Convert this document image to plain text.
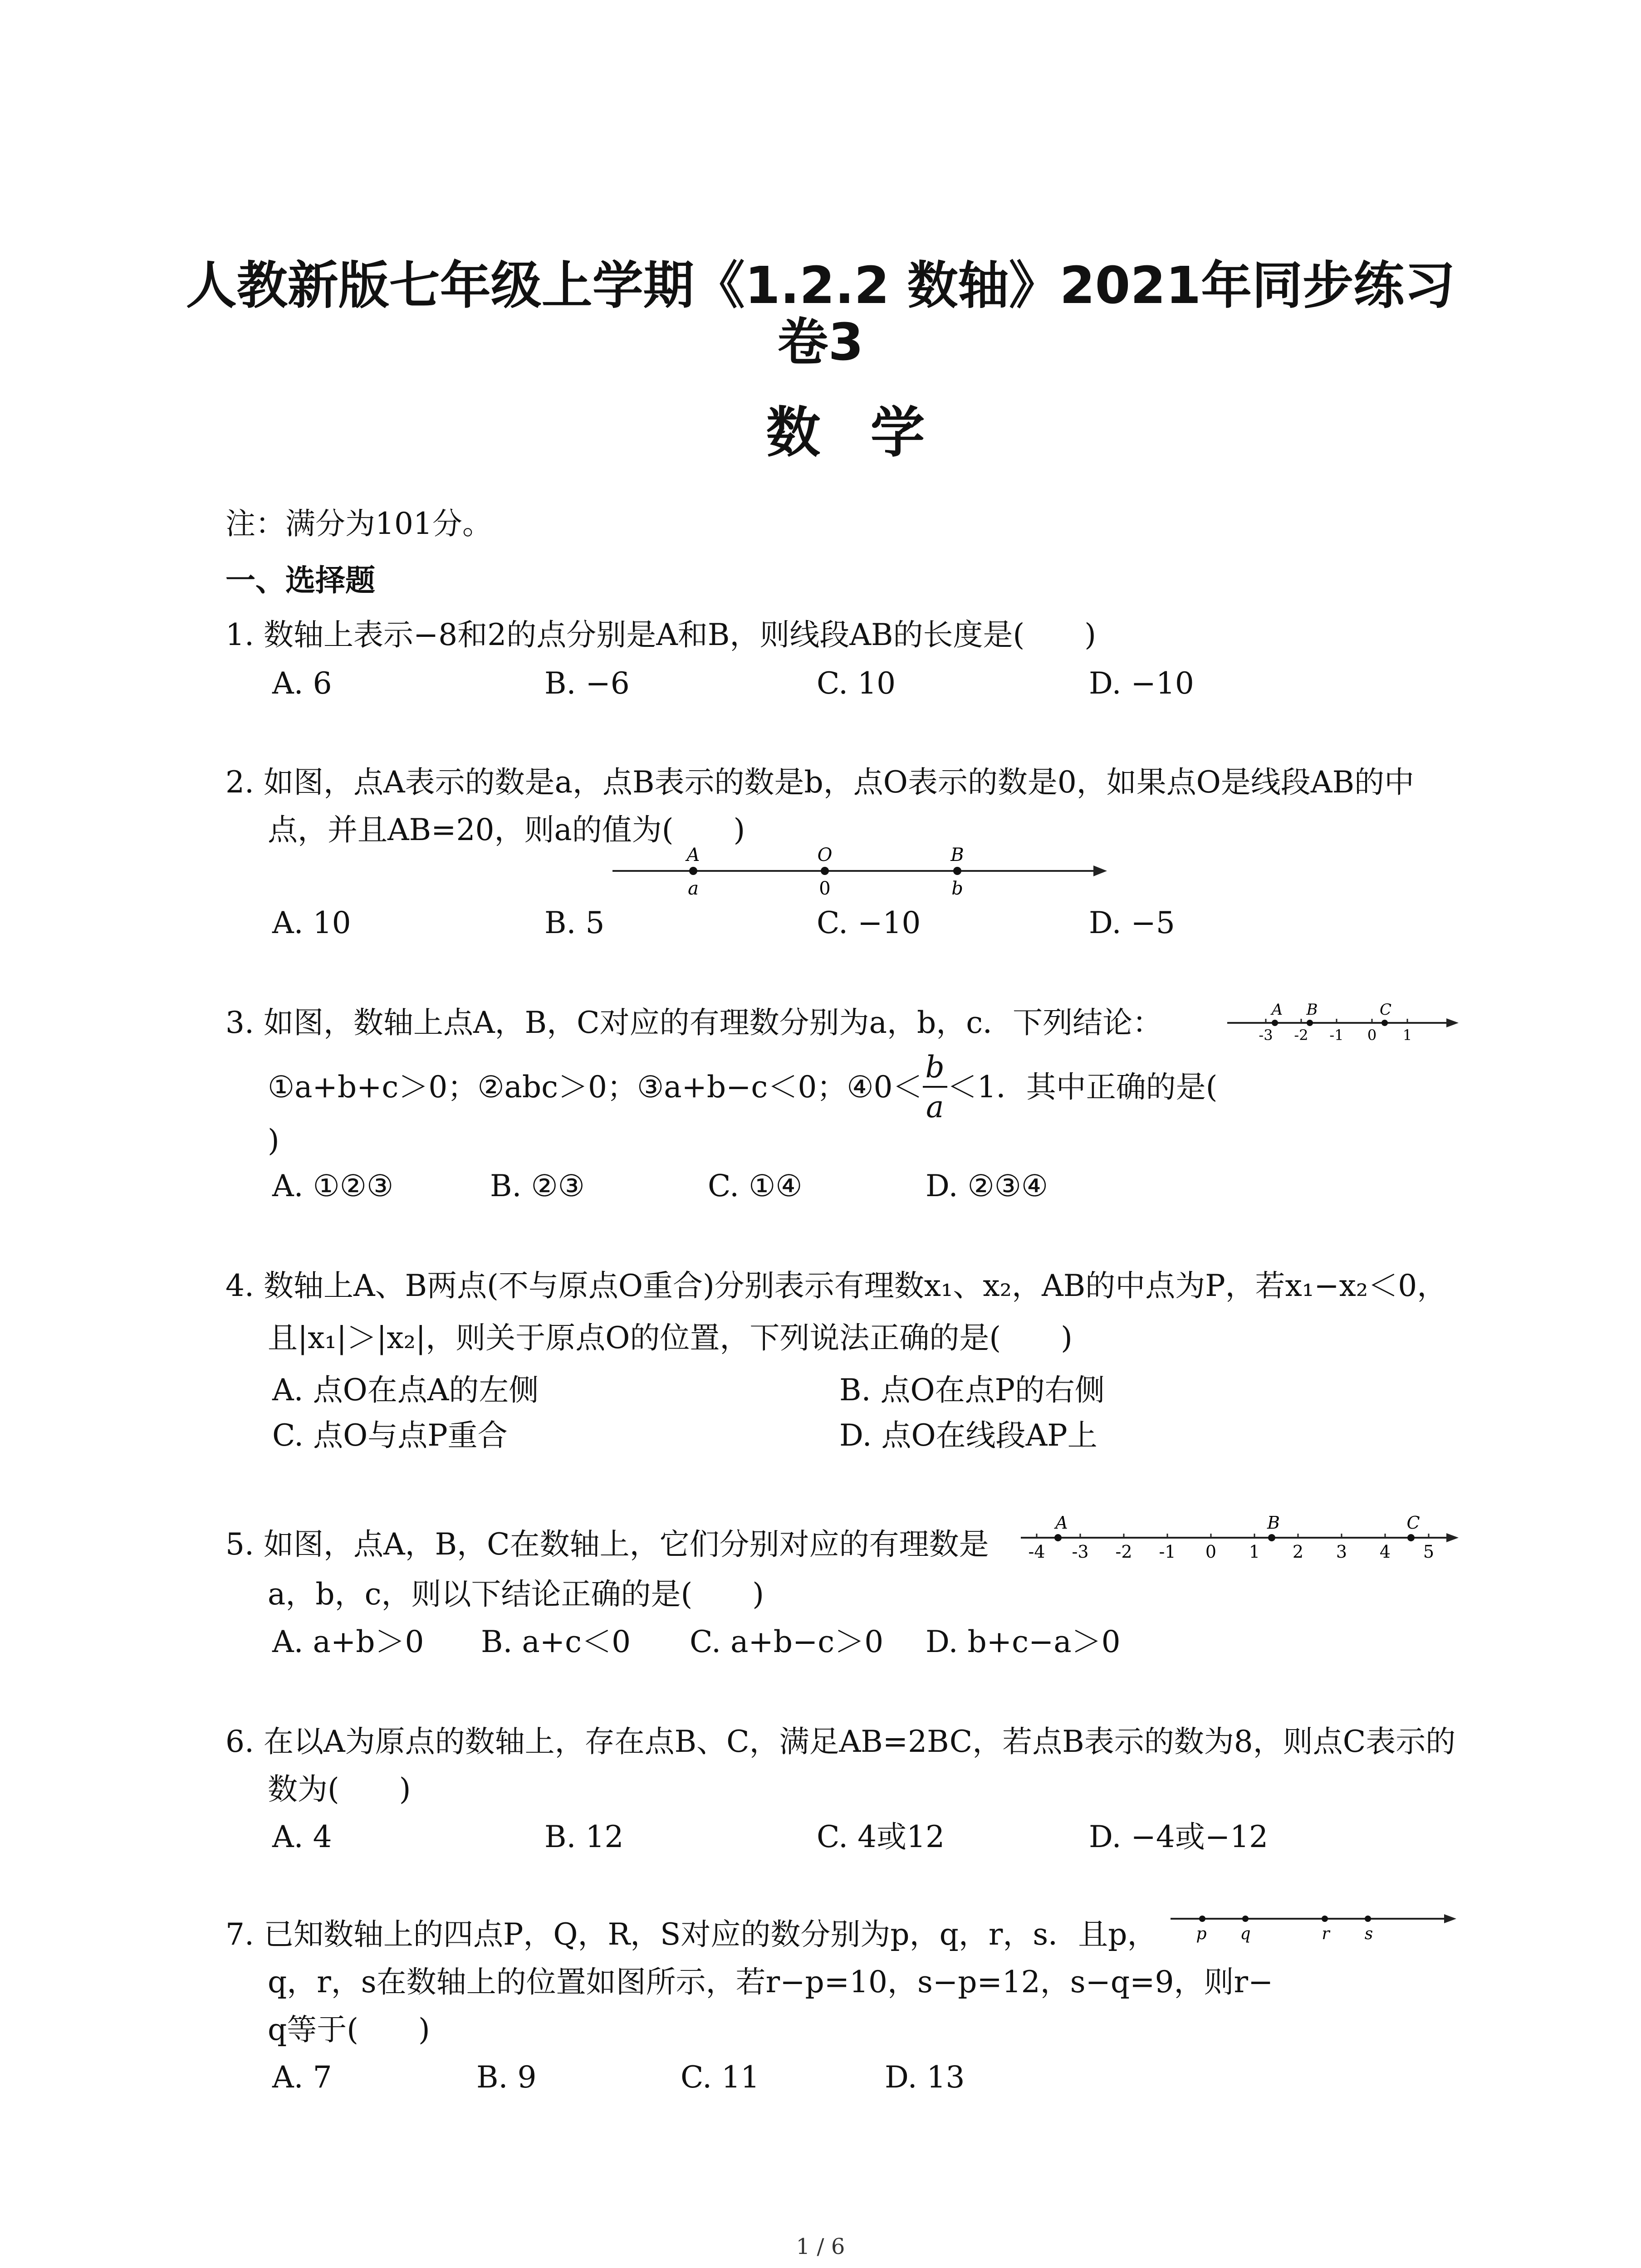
人教新版七年级上学期《1.2.2 数轴》2021年同步练习
卷3
数学
注：满分为101分。
一、选择题
1. 数轴上表示−8和2的点分别是A和B，则线段AB的长度是(　　)
A. 6	B. −6	C. 10	D. −10
2. 如图，点A表示的数是a，点B表示的数是b，点O表示的数是0，如果点O是线段AB的中
点，并且AB=20，则a的值为(　　)
A	O	B
a	0	b
A. 10	B. 5	C. −10	D. −5
3. 如图，数轴上点A，B，C对应的有理数分别为a，b，c．下列结论：	-3 -2 -1 0 1
A B	C
①a+b+c＞0；②abc＞0；③a+b−c＜0；④0＜ $\frac{b}{a} <1$．其中正确的是(
)
A. ①②③	B. ②③	C. ①④	D. ②③④
4. 数轴上A、B两点(不与原点O重合)分别表示有理数x₁、x₂，AB的中点为P，若x₁−x₂＜0，
且|x₁|＞|x₂|，则关于原点O的位置，下列说法正确的是(　　)
A. 点O在点A的左侧	B. 点O在点P的右侧
C. 点O与点P重合	D. 点O在线段AP上
5. 如图，点A，B，C在数轴上，它们分别对应的有理数是 -4 -3 -2 -1 0 1 2 3 4 5
A	B	C
a，b，c，则以下结论正确的是(　　)
A. a+b＞0 B. a+c＜0 C. a+b−c＞0 D. b+c−a＞0
6. 在以A为原点的数轴上，存在点B、C，满足AB=2BC，若点B表示的数为8，则点C表示的
数为(　　)
A. 4	B. 12	C. 4或12	D. −4或−12
7. 已知数轴上的四点P，Q，R，S对应的数分别为p，q，r，s．且p， p q	r s
q，r，s在数轴上的位置如图所示，若r−p=10，s−p=12，s−q=9，则r−
q等于(　　)
A. 7	B. 9	C. 11	D. 13
1 / 6
